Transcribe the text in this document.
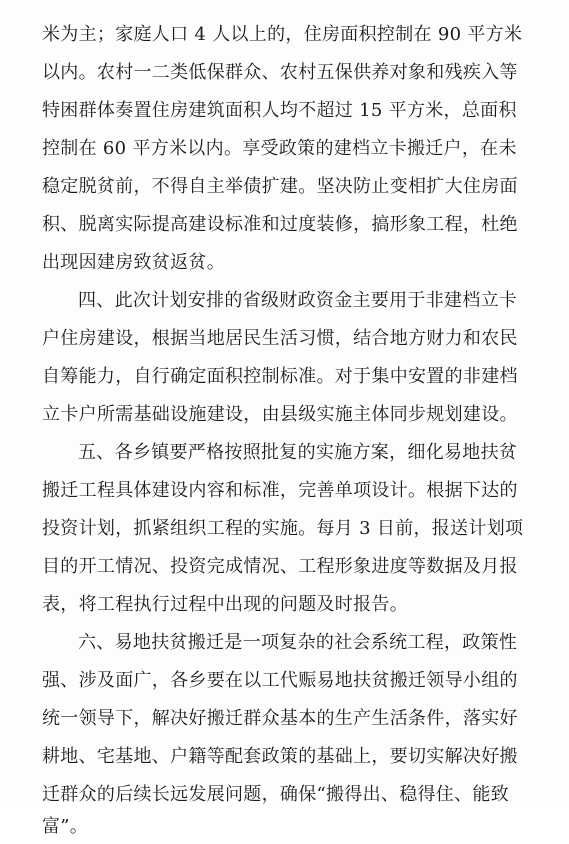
米为主；家庭人口 4 人以上的，住房面积控制在 90 平方米
以内。农村一二类低保群众、农村五保供养对象和残疾入等
特困群体奏置住房建筑面积人均不超过 15 平方米，总面积
控制在 60 平方米以内。享受政策的建档立卡搬迁户，在未
稳定脱贫前，不得自主举债扩建。坚决防止变相扩大住房面
积、脱离实际提高建设标准和过度装修，搞形象工程，杜绝
出现因建房致贫返贫。
四、此次计划安排的省级财政资金主要用于非建档立卡
户住房建设，根据当地居民生活习惯，结合地方财力和农民
自筹能力，自行确定面积控制标准。对于集中安置的非建档
立卡户所需基础设施建设，由县级实施主体同步规划建设。
五、各乡镇要严格按照批复的实施方案，细化易地扶贫
搬迁工程具体建设内容和标准，完善单项设计。根据下达的
投资计划，抓紧组织工程的实施。每月 3 日前，报送计划项
目的开工情况、投资完成情况、工程形象进度等数据及月报
表，将工程执行过程中出现的问题及时报告。
六、易地扶贫搬迁是一项复杂的社会系统工程，政策性
强、涉及面广，各乡要在以工代赈易地扶贫搬迁领导小组的
统一领导下，解决好搬迁群众基本的生产生活条件，落实好
耕地、宅基地、户籍等配套政策的基础上，要切实解决好搬
迁群众的后续长远发展问题，确保“搬得出、稳得住、能致
富”。
